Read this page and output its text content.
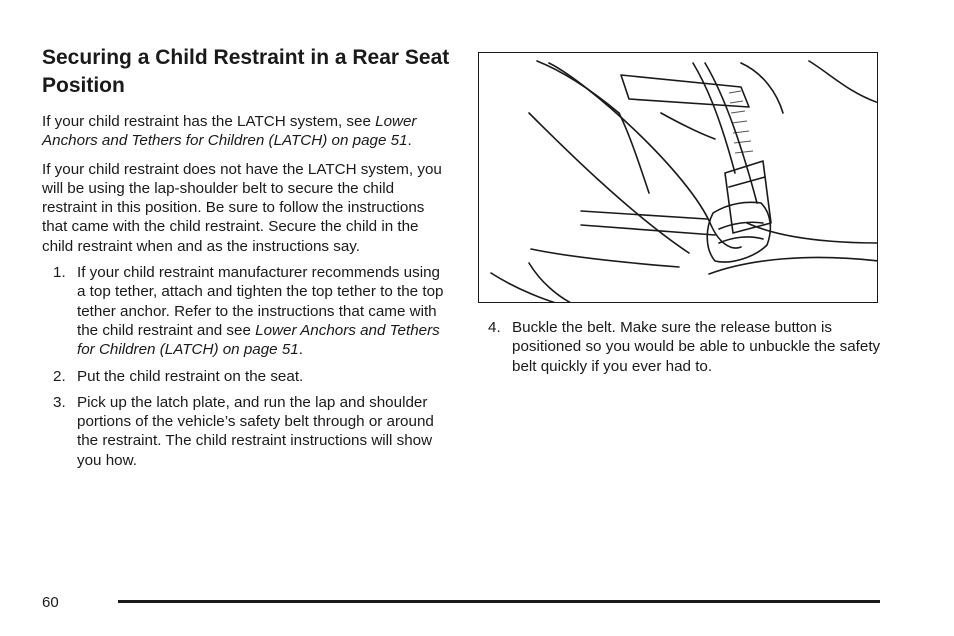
Securing a Child Restraint in a Rear Seat Position

If your child restraint has the LATCH system, see Lower Anchors and Tethers for Children (LATCH) on page 51.

If your child restraint does not have the LATCH system, you will be using the lap-shoulder belt to secure the child restraint in this position. Be sure to follow the instructions that came with the child restraint. Secure the child in the child restraint when and as the instructions say.

1. If your child restraint manufacturer recommends using a top tether, attach and tighten the top tether to the top tether anchor. Refer to the instructions that came with the child restraint and see Lower Anchors and Tethers for Children (LATCH) on page 51.
2. Put the child restraint on the seat.
3. Pick up the latch plate, and run the lap and shoulder portions of the vehicle’s safety belt through or around the restraint. The child restraint instructions will show you how.
4. Buckle the belt. Make sure the release button is positioned so you would be able to unbuckle the safety belt quickly if you ever had to.
60
